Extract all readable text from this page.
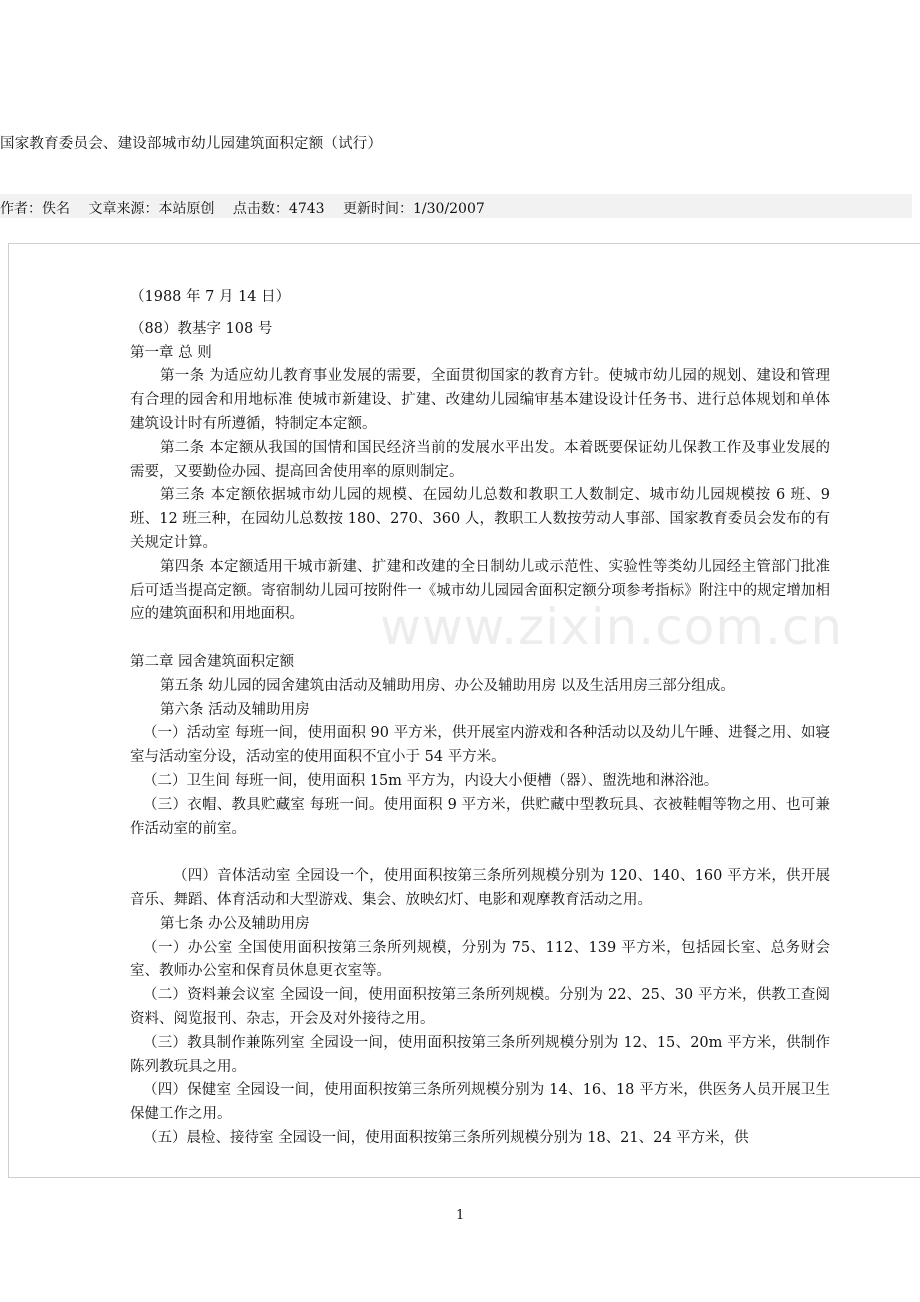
国家教育委员会、建设部城市幼儿园建筑面积定额（试行）
作者：佚名 文章来源：本站原创 点击数：4743 更新时间：1/30/2007

（1988 年 7 月 14 日）

（88）教基字 108 号

第一章 总 则

第一条 为适应幼儿教育事业发展的需要，全面贯彻国家的教育方针。使城市幼儿园的规划、建设和管理有合理的园舍和用地标准 使城市新建设、扩建、改建幼儿园编审基本建设设计任务书、进行总体规划和单体建筑设计时有所遵循，特制定本定额。

第二条 本定额从我国的国情和国民经济当前的发展水平出发。本着既要保证幼儿保教工作及事业发展的需要，又要勤俭办园、提高回舍使用率的原则制定。

第三条 本定额依据城市幼儿园的规模、在园幼儿总数和教职工人数制定、城市幼儿园规模按 6 班、9 班、12 班三种，在园幼儿总数按 180、270、360 人，教职工人数按劳动人事部、国家教育委员会发布的有关规定计算。

第四条 本定额适用干城市新建、扩建和改建的全日制幼儿或示范性、实验性等类幼儿园经主管部门批准后可适当提高定额。寄宿制幼儿园可按附件一《城市幼儿园园舍面积定额分项参考指标》附注中的规定增加相应的建筑面积和用地面积。

第二章 园舍建筑面积定额

第五条 幼儿园的园舍建筑由活动及辅助用房、办公及辅助用房 以及生活用房三部分组成。

第六条 活动及辅助用房

（一）活动室 每班一间，使用面积 90 平方米，供开展室内游戏和各种活动以及幼儿午睡、进餐之用、如寝室与活动室分设，活动室的使用面积不宜小于 54 平方米。

（二）卫生间 每班一间，使用面积 15m 平方为，内设大小便槽（器）、盥洗地和淋浴池。

（三）衣帽、教具贮藏室 每班一间。使用面积 9 平方米，供贮藏中型教玩具、衣被鞋帽等物之用、也可兼作活动室的前室。

（四）音体活动室 全园设一个，使用面积按第三条所列规模分别为 120、140、160 平方米，供开展音乐、舞蹈、体育活动和大型游戏、集会、放映幻灯、电影和观摩教育活动之用。

第七条 办公及辅助用房

（一）办公室 全国使用面积按第三条所列规模，分别为 75、112、139 平方米，包括园长室、总务财会室、教师办公室和保育员休息更衣室等。

（二）资料兼会议室 全园设一间，使用面积按第三条所列规模。分别为 22、25、30 平方米，供教工查阅资料、阅览报刊、杂志，开会及对外接待之用。

（三）教具制作兼陈列室 全园设一间，使用面积按第三条所列规模分别为 12、15、20m 平方米，供制作陈列教玩具之用。

（四）保健室 全园设一间，使用面积按第三条所列规模分别为 14、16、18 平方米，供医务人员开展卫生保健工作之用。

（五）晨检、接待室 全园设一间，使用面积按第三条所列规模分别为 18、21、24 平方米，供

www.zixin.com.cn
1
